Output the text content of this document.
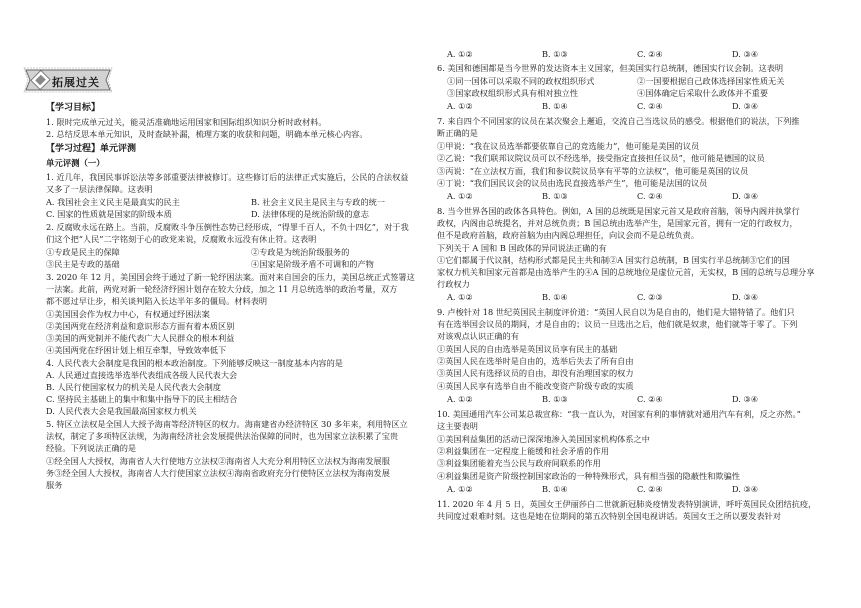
拓展过关
【学习目标】
1. 限时完成单元过关，能灵活准确地运用国家和国际组织知识分析时政材料。
2. 总结反思本单元知识，及时查缺补漏，梳理方案的收获和问题，明确本单元核心内容。
【学习过程】单元评测
单元评测（一）
1. 近几年，我国民事诉讼法等多部重要法律被修订。这些修订后的法律正式实施后，公民的合法权益
又多了一层法律保障。这表明
A. 我国社会主义民主是最真实的民主	B. 社会主义民主是民主与专政的统一
C. 国家的性质就是国家的阶级本质	D. 法律体现的是统治阶级的意志
2. 反腐败永远在路上。当前，反腐败斗争压倒性态势已经形成，“得罪千百人，不负十四亿”，对于我
们这个把“人民”二字铭刻于心的政党来说，反腐败永远没有休止符。这表明
①专政是民主的保障	②专政是为统治阶级服务的
③民主是专政的基础	④国家是阶级矛盾不可调和的产物
3. 2020 年 12 月，美国国会终于通过了新一轮纾困法案。面对来自国会的压力，美国总统正式签署这
一法案。此前，两党对新一轮经济纾困计划存在较大分歧，加之 11 月总统选举的政治考量，双方
都不愿过早让步，相关谈判陷入长达半年多的僵局。材料表明
①美国国会作为权力中心，有权通过纾困法案
②美国两党在经济利益和意识形态方面有着本质区别
③美国的两党制并不能代表广大人民群众的根本利益
④美国两党在纾困计划上相互牵掣，导致效率低下
4. 人民代表大会制度是我国的根本政治制度。下列能够反映这一制度基本内容的是
A. 人民通过直接选举选举代表组成各级人民代表大会
B. 人民行使国家权力的机关是人民代表大会制度
C. 坚持民主基础上的集中和集中指导下的民主相结合
D. 人民代表大会是我国最高国家权力机关
5. 特区立法权是全国人大授予海南等经济特区的权力。海南建省办经济特区 30 多年来，利用特区立
法权，制定了多项特区法规，为海南经济社会发展提供法治保障的同时，也为国家立法积累了宝贵
经验。下列说法正确的是
①经全国人大授权，海南省人大行使地方立法权②海南省人大充分利用特区立法权为海南发展服
务③经全国人大授权，海南省人大行使国家立法权④海南省政府充分行使特区立法权为海南发展
服务
A. ①②	B. ①③	C. ②④	D. ③④
6. 美国和德国都是当今世界的发达资本主义国家，但美国实行总统制，德国实行议会制。这表明
①同一国体可以采取不同的政权组织形式	②一国要根据自己政体选择国家性质无关
③国家政权组织形式具有相对独立性	④国体确定后采取什么政体并不重要
A. ①②	B. ①④	C. ②④	D. ③④
7. 来自四个不同国家的议员在某次聚会上邂逅，交流自己当选议员的感受。根据他们的说法，下列推
断正确的是
①甲说：“我在议员选举都要依靠自己的竞选能力”，他可能是美国的议员
②乙说：“我们联邦议院议员可以不经选举，接受指定直接担任议员”，他可能是德国的议员
③丙说：“在立法权方面，我们和参议院议员享有平等的立法权”，他可能是英国的议员
④丁说：“我们国民议会的议员由选民直接选举产生”，他可能是法国的议员
A. ①②	B. ①③	C. ②④	D. ③④
8. 当今世界各国的政体各具特色。例如，A 国的总统既是国家元首又是政府首脑，领导内阁并执掌行
政权，内阁由总统提名，并对总统负责；B 国总统由选举产生，是国家元首，拥有一定的行政权力，
但不是政府首脑，政府首脑为由内阁总理担任，向议会而不是总统负责。
下列关于 A 国和 B 国政体的异同说法正确的有
①它们都属于代议制，结构形式都是民主共和制②A 国实行总统制，B 国实行半总统制③它们的国
家权力机关和国家元首都是由选举产生的④A 国的总统地位是虚位元首，无实权，B 国的总统与总理分享
行政权力
A. ①②	B. ①④	C. ②③	D. ③④
9. 卢梭针对 18 世纪英国民主制度评价道：“英国人民自以为是自由的，他们是大错特错了。他们只
有在选举国会议员的期间，才是自由的；议员一旦选出之后，他们就是奴隶，他们就等于零了。下列
对该观点认识正确的有
①英国人民的自由选举是英国议员享有民主的基础
②英国人民在选举时是自由的，选举后失去了所有自由
③英国人民有选择议员的自由，却没有治理国家的权力
④英国人民享有选举自由不能改变资产阶级专政的实质
A. ①②	B. ①③	C. ②④	D. ③④
10. 美国通用汽车公司某总裁宣称：“我一直认为，对国家有利的事情就对通用汽车有利，反之亦然。”
这主要表明
①美国利益集团的活动已深深地渗入美国国家机构体系之中
②利益集团在一定程度上能缓和社会矛盾的作用
③利益集团能着充当公民与政府间联系的作用
④利益集团是资产阶级控制国家政治的一种特殊形式，具有相当强的隐蔽性和欺骗性
A. ①②	B. ①④	C. ②④	D. ③④
11. 2020 年 4 月 5 日，英国女王伊丽莎白二世就新冠肺炎疫情发表特别演讲，呼吁英国民众团结抗疫，
共同度过艰难时刻。这也是她在位期间的第五次特别全国电视讲话。英国女王之所以要发表针对
